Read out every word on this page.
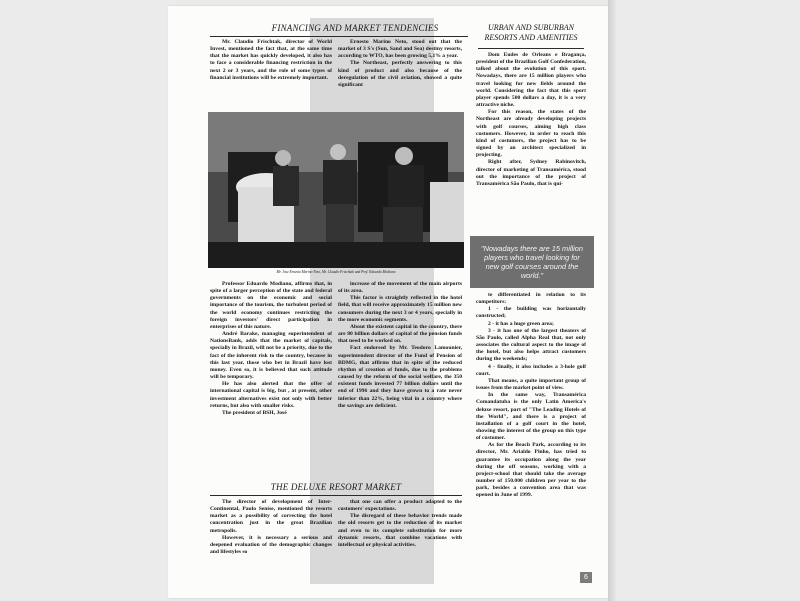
FINANCING AND MARKET TENDENCIES

Mr. Claudio Frischtak, director of World Invest, mentioned the fact that, at the same time that the market has quickly developed, it also has to face a considerable financing restriction in the next 2 or 3 years, and the role of some types of financial institutions will be extremely important.

Ernesto Marino Neto, stood out that the market of 3 S's (Sun, Sand and Sea) destiny resorts, according to WTO, has been growing 5,1% a year.

The Northeast, perfectly answering to this kind of product and also because of the deregulation of the civil aviation, showed a quite significant

Mr. Jose Ernesto Marino Neto, Mr. Claudio Frischtak and Prof. Eduardo Modiano

Professor Eduardo Modiano, affirms that, in spite of a larger perception of the state and federal governments on the economic and social importance of the tourism, the turbulent period of the world economy continues restricting the foreign investors' direct participation in enterprises of this nature.

André Barake, managing superintendent of NationsBank, adds that the market of capitals, specially in Brazil, will not be a priority, due to the fact of the inherent risk to the country, because in this last year, those who bet in Brazil have lost money. Even so, it is believed that such attitude will be temporary.

He has also alerted that the offer of international capital is big, but , at present, other investment alternatives exist not only with better returns, but also with smaller risks.

The president of BSH, José

increase of the movement of the main airports of its area.

This factor is straightly reflected in the hotel field, that will receive approximately 15 million new consumers during the next 3 or 4 years, specially in the more economic segments.

About the existent capital in the country, there are 80 billion dollars of capital of the pension funds that need to be worked on.

Fact endorsed by Mr. Teodoro Lamounier, superintendent director of the Fund of Pension of BDMG, that affirms that in spite of the reduced rhythm of creation of funds, due to the problems caused by the reform of the social welfare, the 350 existent funds invested 77 billion dollars until the end of 1996 and they have grown to a rate never inferior than 22%, being vital in a country where the savings are deficient.

THE DELUXE RESORT MARKET

The director of development of Inter-Continental, Paulo Senise, mentioned the resorts market as a possibility of correcting the hotel concentration just in the great Brazilian metropolis.

However, it is necessary a serious and deepened evaluation of the demographic changes and lifestyles so

that one can offer a product adapted to the customers' expectations.

The disregard of these behavior trends made the old resorts get to the reduction of its market and even to its complete substitution for more dynamic resorts, that combine vacations with intellectual or physical activities.

URBAN AND SUBURBAN RESORTS AND AMENITIES

Dom Eudes de Orleans e Bragança, president of the Brazilian Golf Confederation, talked about the evolution of this sport. Nowadays, there are 15 million players who travel looking for new fields around the world. Considering the fact that this sport player spends 500 dollars a day, it is a very attractive niche.

For this reason, the states of the Northeast are already developing projects with golf courses, aiming high class customers. However, in order to reach this kind of costumers, the project has to be signed by an architect specialized in projecting.

Right after, Sydney Rabinovitch, director of marketing of Transamérica, stood out the importance of the project of Transamérica São Paulo, that is qui-

"Nowadays there are 15 million players who travel looking for new golf courses around the world."

te differentiated in relation to its competitors:

1 - the building was horizontally constructed;

2 - it has a huge green area;

3 - it has one of the largest theaters of São Paulo, called Alpha Real that, not only associates the cultural aspect to the image of the hotel, but also helps attract customers during the weekends;

4 - finally, it also includes a 3-hole golf court.

That means, a quite important group of issues from the market point of view.

In the same way, Transamérica Comandatuba is the only Latin America's deluxe resort, part of "The Leading Hotels of the World", and there is a project of installation of a golf court in the hotel, showing the interest of the group on this type of customer.

As for the Beach Park, according to its director, Mr. Arialdo Pinho, has tried to guarantee its occupation along the year during the off seasons, working with a project-school that should take the average number of 150.000 children per year to the park, besides a convention area that was opened in June of 1999.

6
